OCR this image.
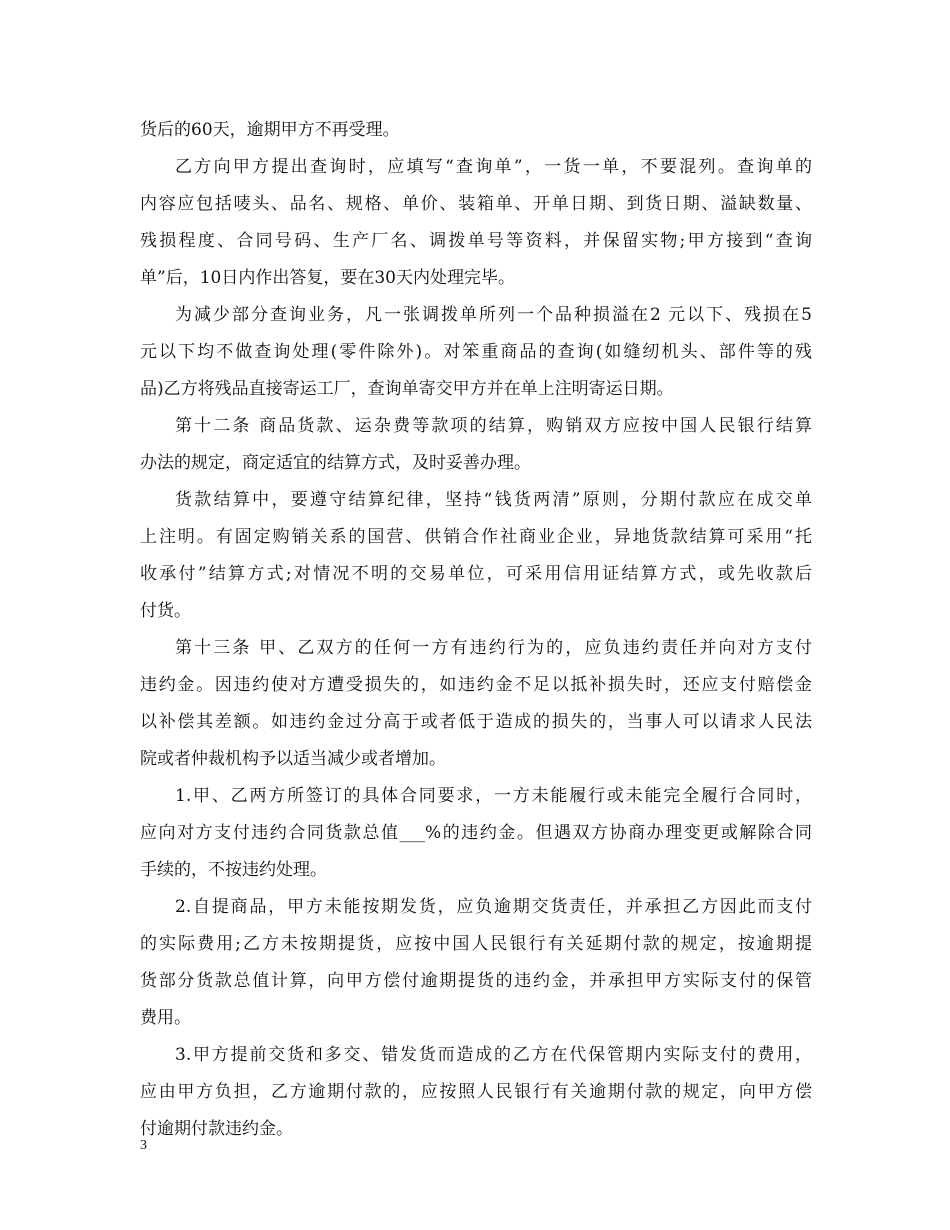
货后的60天，逾期甲方不再受理。
乙方向甲方提出查询时，应填写“查询单”，一货一单，不要混列。查询单的
内容应包括唛头、品名、规格、单价、装箱单、开单日期、到货日期、溢缺数量、
残损程度、合同号码、生产厂名、调拨单号等资料，并保留实物;甲方接到“查询
单”后，10日内作出答复，要在30天内处理完毕。
为减少部分查询业务，凡一张调拨单所列一个品种损溢在2 元以下、残损在5
元以下均不做查询处理(零件除外)。对笨重商品的查询(如缝纫机头、部件等的残
品)乙方将残品直接寄运工厂，查询单寄交甲方并在单上注明寄运日期。
第十二条 商品货款、运杂费等款项的结算，购销双方应按中国人民银行结算
办法的规定，商定适宜的结算方式，及时妥善办理。
货款结算中，要遵守结算纪律，坚持“钱货两清”原则，分期付款应在成交单
上注明。有固定购销关系的国营、供销合作社商业企业，异地货款结算可采用“托
收承付”结算方式;对情况不明的交易单位，可采用信用证结算方式，或先收款后
付货。
第十三条 甲、乙双方的任何一方有违约行为的，应负违约责任并向对方支付
违约金。因违约使对方遭受损失的，如违约金不足以抵补损失时，还应支付赔偿金
以补偿其差额。如违约金过分高于或者低于造成的损失的，当事人可以请求人民法
院或者仲裁机构予以适当减少或者增加。
1.甲、乙两方所签订的具体合同要求，一方未能履行或未能完全履行合同时，
应向对方支付违约合同货款总值___%的违约金。但遇双方协商办理变更或解除合同
手续的，不按违约处理。
2.自提商品，甲方未能按期发货，应负逾期交货责任，并承担乙方因此而支付
的实际费用;乙方未按期提货，应按中国人民银行有关延期付款的规定，按逾期提
货部分货款总值计算，向甲方偿付逾期提货的违约金，并承担甲方实际支付的保管
费用。
3.甲方提前交货和多交、错发货而造成的乙方在代保管期内实际支付的费用，
应由甲方负担，乙方逾期付款的，应按照人民银行有关逾期付款的规定，向甲方偿
付逾期付款违约金。
3
